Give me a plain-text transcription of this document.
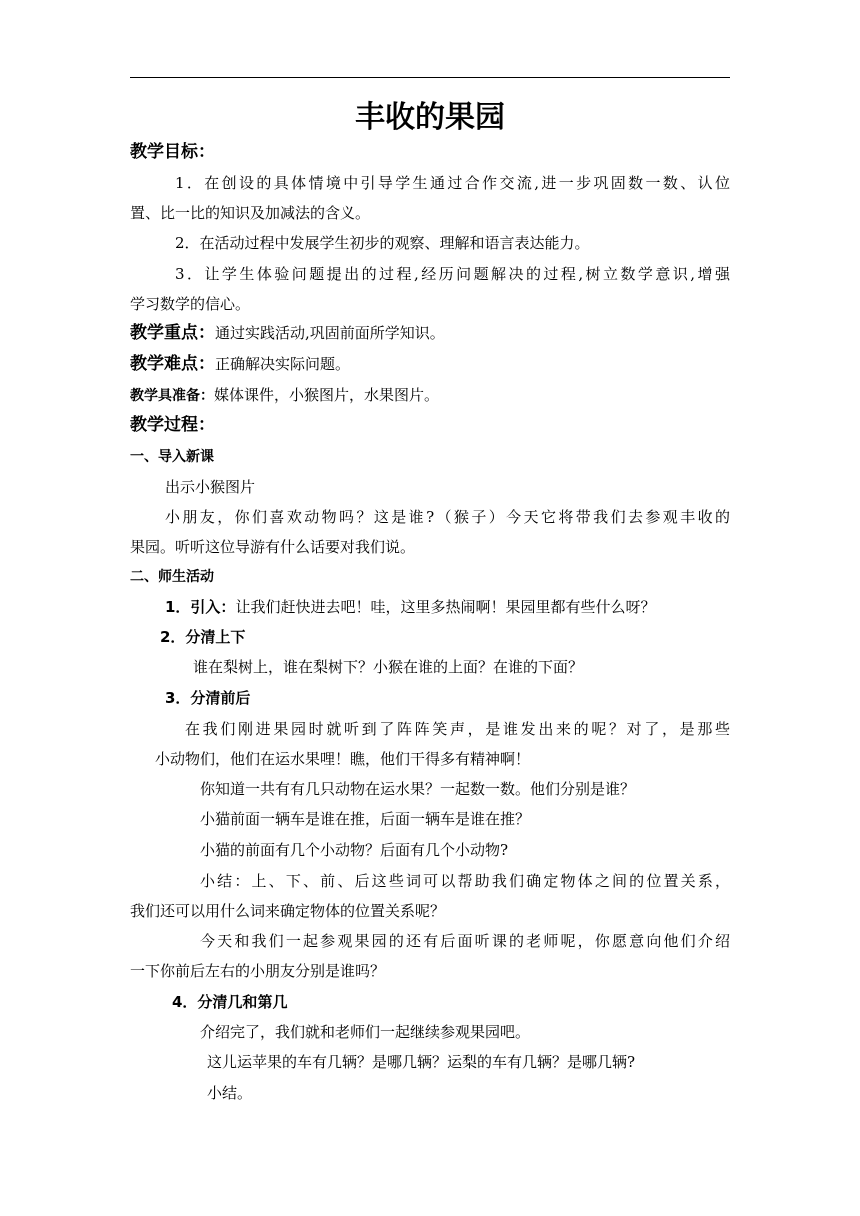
丰收的果园
教学目标：
1．在创设的具体情境中引导学生通过合作交流,进一步巩固数一数、认位
置、比一比的知识及加减法的含义。
2．在活动过程中发展学生初步的观察、理解和语言表达能力。
3．让学生体验问题提出的过程,经历问题解决的过程,树立数学意识,增强
学习数学的信心。
教学重点：通过实践活动,巩固前面所学知识。
教学难点：正确解决实际问题。
教学具准备：媒体课件，小猴图片，水果图片。
教学过程：
一、导入新课
出示小猴图片
小朋友，你们喜欢动物吗？这是谁?（猴子）今天它将带我们去参观丰收的
果园。听听这位导游有什么话要对我们说。
二、师生活动
1．引入：让我们赶快进去吧！哇，这里多热闹啊！果园里都有些什么呀？
2．分清上下
谁在梨树上，谁在梨树下？小猴在谁的上面？在谁的下面？
3．分清前后
在我们刚进果园时就听到了阵阵笑声，是谁发出来的呢？对了，是那些
小动物们，他们在运水果哩！瞧，他们干得多有精神啊！
你知道一共有有几只动物在运水果？一起数一数。他们分别是谁？
小猫前面一辆车是谁在推，后面一辆车是谁在推？
小猫的前面有几个小动物？后面有几个小动物?
小结：上、下、前、后这些词可以帮助我们确定物体之间的位置关系，
我们还可以用什么词来确定物体的位置关系呢？
今天和我们一起参观果园的还有后面听课的老师呢，你愿意向他们介绍
一下你前后左右的小朋友分别是谁吗？
4．分清几和第几
介绍完了，我们就和老师们一起继续参观果园吧。
这儿运苹果的车有几辆？是哪几辆？运梨的车有几辆？是哪几辆?
小结。
